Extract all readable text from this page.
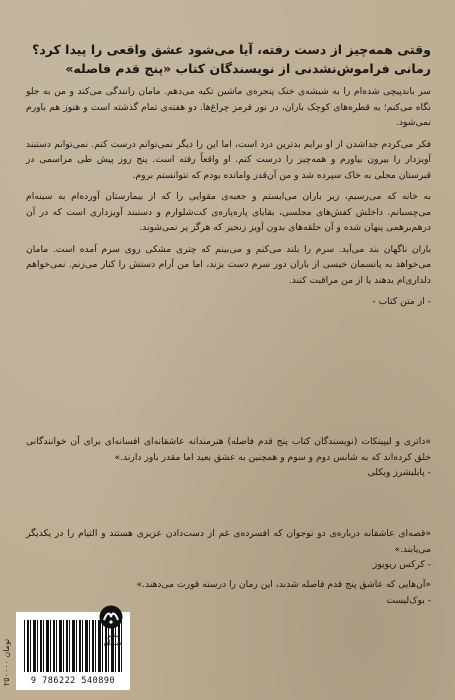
وقتی همه‌چیز از دست رفته، آیا می‌شود عشق واقعی را پیدا کرد؟
رمانی فراموش‌نشدنی از نویسندگان کتاب «پنج قدم فاصله»

سر باندپیچی شده‌ام را به شیشه‌ی خنک پنجره‌ی ماشین تکیه می‌دهم. مامان رانندگی می‌کند و من به جلو نگاه می‌کنم؛ به قطره‌های کوچک باران، در نور قرمز چراغ‌ها. دو هفته‌ی تمام گذشته است و هنوز هم باورم نمی‌شود.

فکر می‌کردم جداشدن از او برایم بدترین درد است، اما این را دیگر نمی‌توانم درست کنم. نمی‌توانم دستبند آویزدار را بیرون بیاورم و همه‌چیز را درست کنم. او واقعاً رفته است. پنج روز پیش طی مراسمی در قبرستان محلی به خاک سپرده شد و من آن‌قدر وامانده بودم که نتوانستم بروم.

به خانه که می‌رسیم، زیر باران می‌ایستم و جعبه‌ی مقوایی را که از بیمارستان آورده‌ام به سینه‌ام می‌چسبانم. داخلش کفش‌های مجلسی، بقایای پاره‌پاره‌ی کت‌شلوارم و دستبند آویزداری است که در آن درهم‌برهمی پنهان شده و آن حلقه‌های بدون آویز زنجیر که هرگز پر نمی‌شوند.

باران ناگهان بند می‌آید. سرم را بلند می‌کنم و می‌بینم که چتری مشکی روی سرم آمده است. مامان می‌خواهد به پانسمان خیسی از باران دور سرم دست بزند، اما من آرام دستش را کنار می‌زنم. نمی‌خواهم دلداری‌ام بدهند یا از من مراقبت کنند.

- از متن کتاب -
«داتری و لیپینکات (نویسندگان کتاب پنج قدم فاصله) هنرمندانه عاشقانه‌ای افسانه‌ای برای آن خوانندگانی خلق کرده‌اند که به شانس دوم و سوم و همچنین به عشق بعید اما مقدر باور دارند.»
- پابلیشرز ویکلی
«قصه‌ای عاشقانه درباره‌ی دو نوجوان که افسرده‌ی غم از دست‌دادن عزیزی هستند و التیام را در یکدیگر می‌یابند.»
- کرکس ریویوز
«آن‌هایی که عاشق پنج قدم فاصله شدند، این رمان را درسته قورت می‌دهند.»
- بوک‌لیست
۲۵۰۰۰۰ تومان
9 786222 540890
نشر میلکان
